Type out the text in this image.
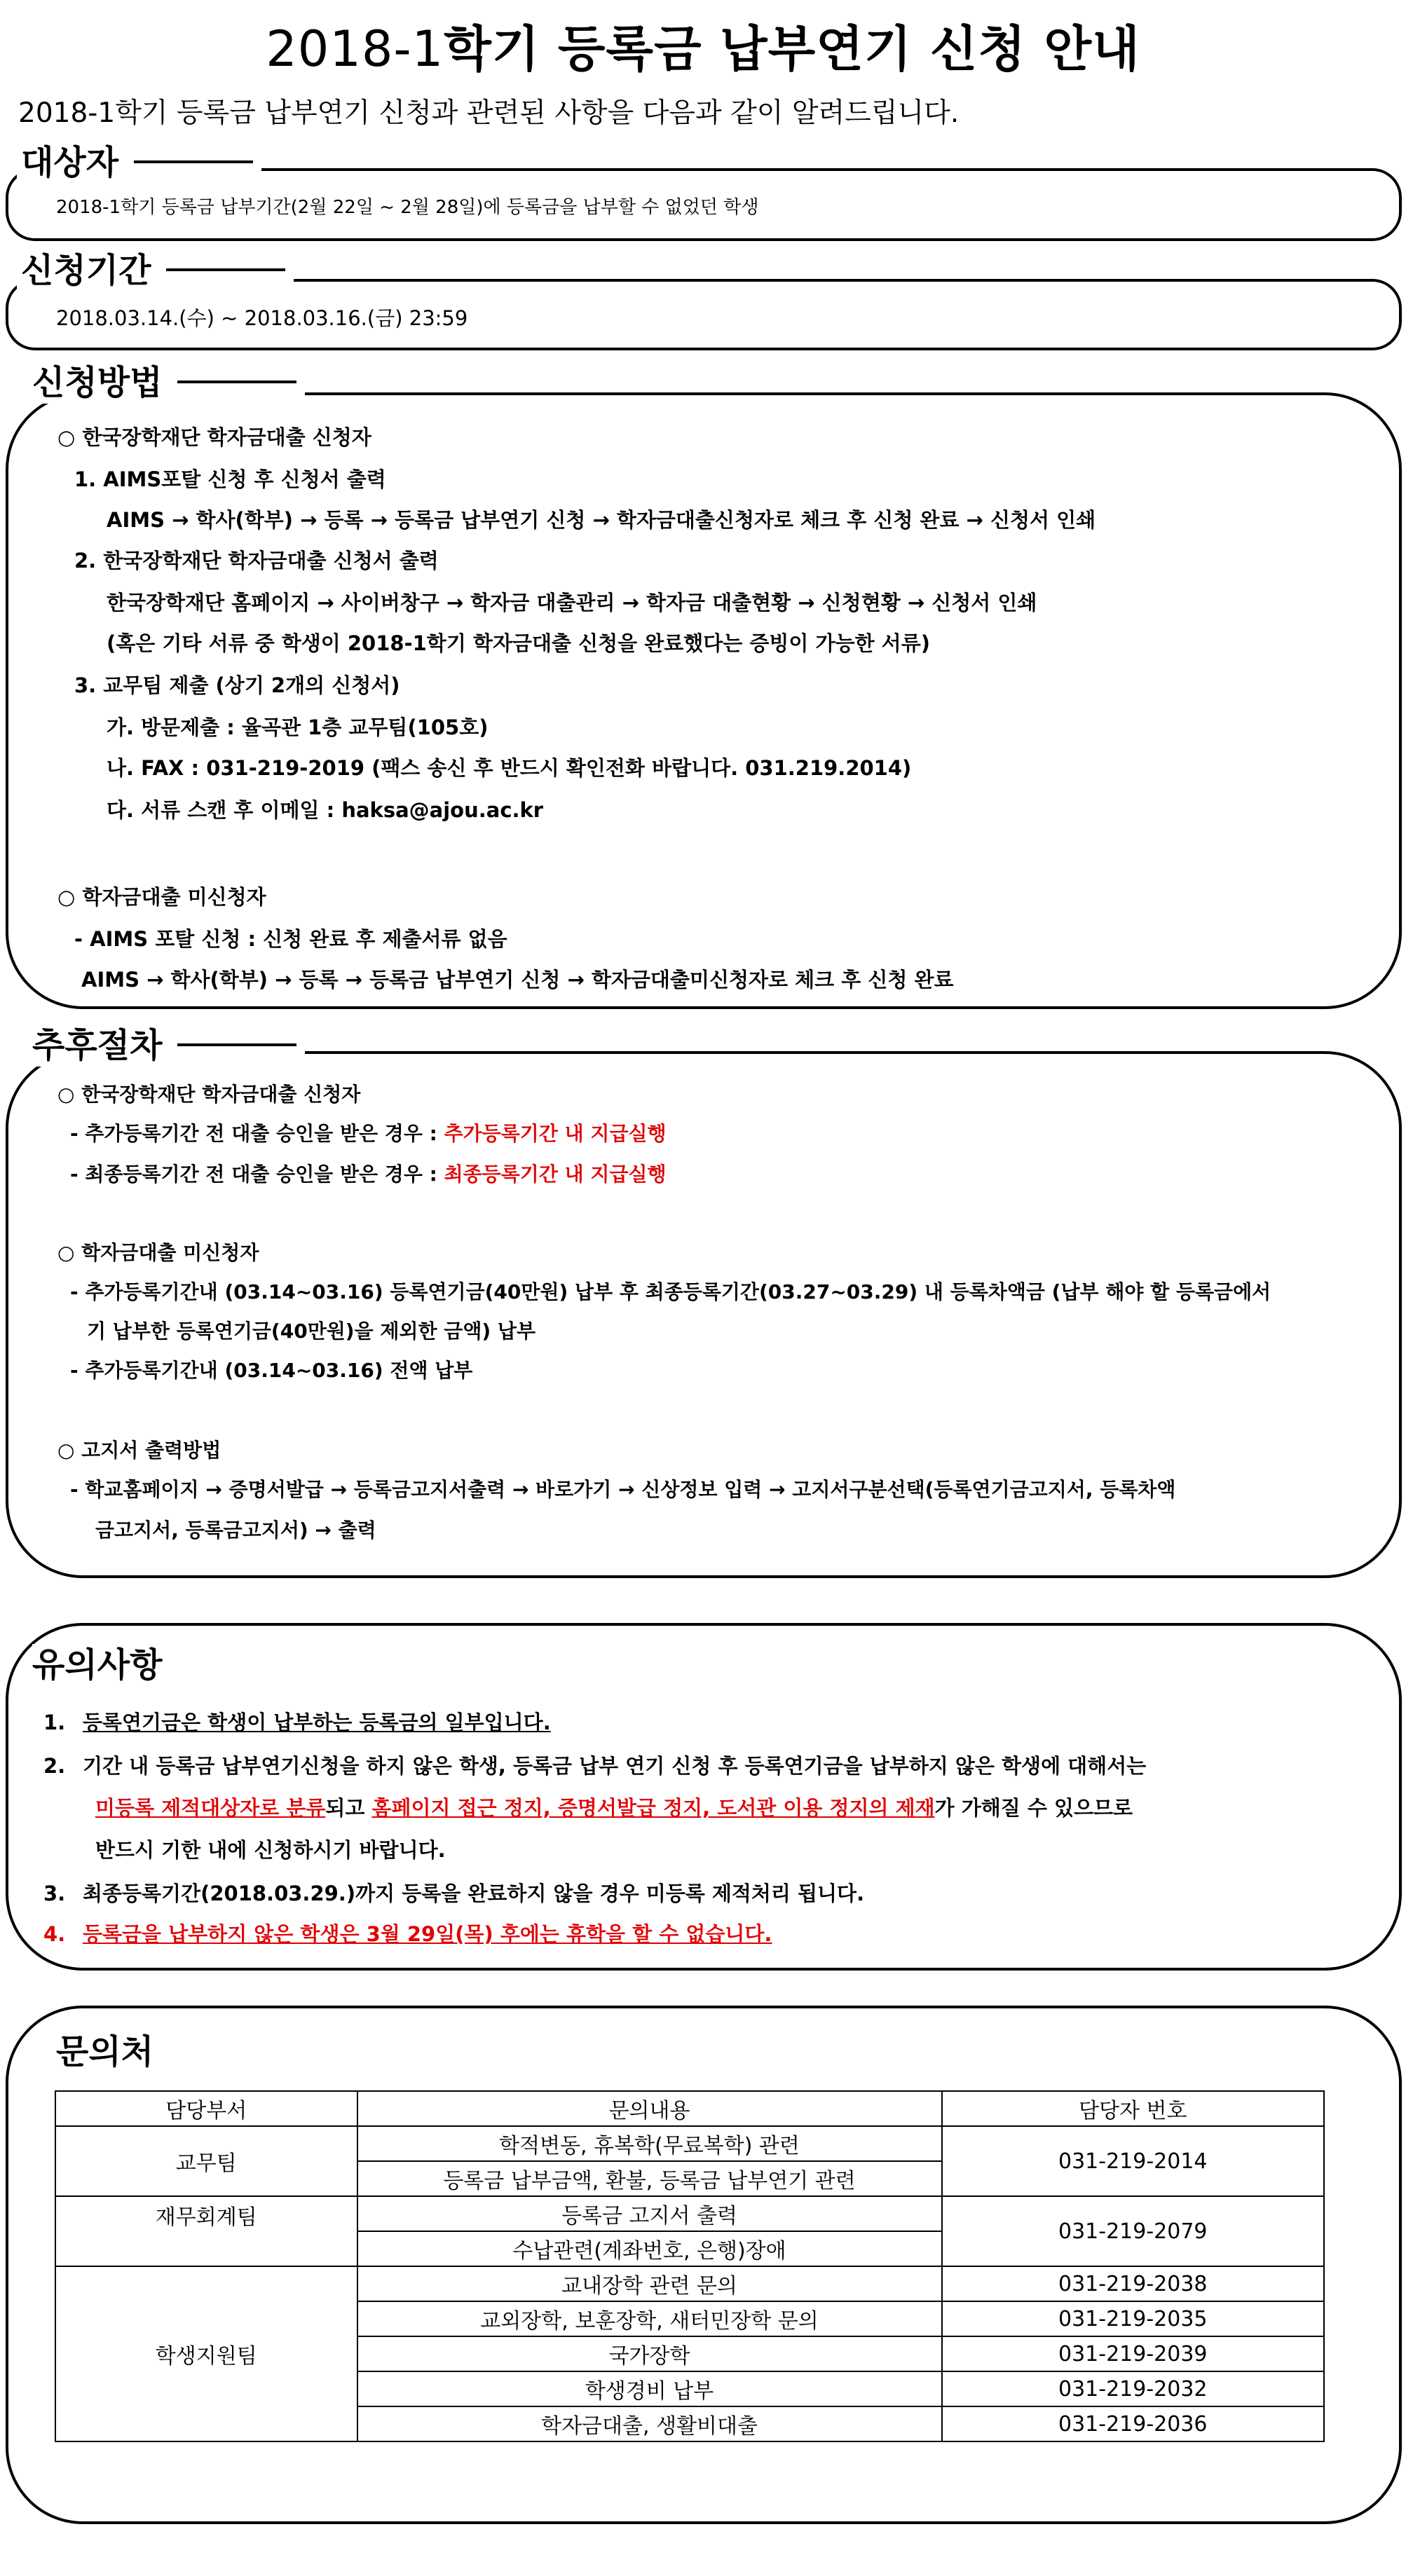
2018-1학기 등록금 납부연기 신청 안내
2018-1학기 등록금 납부연기 신청과 관련된 사항을 다음과 같이 알려드립니다.
대상자
2018-1학기 등록금 납부기간(2월 22일 ~ 2월 28일)에 등록금을 납부할 수 없었던 학생
신청기간
2018.03.14.(수) ~ 2018.03.16.(금) 23:59
신청방법
○ 한국장학재단 학자금대출 신청자
1. AIMS포탈 신청 후 신청서 출력
AIMS → 학사(학부) → 등록 → 등록금 납부연기 신청 → 학자금대출신청자로 체크 후 신청 완료 → 신청서 인쇄
2. 한국장학재단 학자금대출 신청서 출력
한국장학재단 홈페이지 → 사이버창구 → 학자금 대출관리 → 학자금 대출현황 → 신청현황 → 신청서 인쇄
(혹은 기타 서류 중 학생이 2018-1학기 학자금대출 신청을 완료했다는 증빙이 가능한 서류)
3. 교무팀 제출 (상기 2개의 신청서)
가. 방문제출 : 율곡관 1층 교무팀(105호)
나. FAX : 031-219-2019 (팩스 송신 후 반드시 확인전화 바랍니다. 031.219.2014)
다. 서류 스캔 후 이메일 : haksa@ajou.ac.kr
○ 학자금대출 미신청자
- AIMS 포탈 신청 : 신청 완료 후 제출서류 없음
AIMS → 학사(학부) → 등록 → 등록금 납부연기 신청 → 학자금대출미신청자로 체크 후 신청 완료
추후절차
○ 한국장학재단 학자금대출 신청자
- 추가등록기간 전 대출 승인을 받은 경우 : 추가등록기간 내 지급실행
- 최종등록기간 전 대출 승인을 받은 경우 : 최종등록기간 내 지급실행
○ 학자금대출 미신청자
- 추가등록기간내 (03.14~03.16) 등록연기금(40만원) 납부 후 최종등록기간(03.27~03.29) 내 등록차액금 (납부 해야 할 등록금에서
기 납부한 등록연기금(40만원)을 제외한 금액) 납부
- 추가등록기간내 (03.14~03.16) 전액 납부
○ 고지서 출력방법
- 학교홈페이지 → 증명서발급 → 등록금고지서출력 → 바로가기 → 신상정보 입력 → 고지서구분선택(등록연기금고지서, 등록차액
금고지서, 등록금고지서) → 출력
유의사항
1. 등록연기금은 학생이 납부하는 등록금의 일부입니다.
2. 기간 내 등록금 납부연기신청을 하지 않은 학생, 등록금 납부 연기 신청 후 등록연기금을 납부하지 않은 학생에 대해서는
미등록 제적대상자로 분류되고 홈페이지 접근 정지, 증명서발급 정지, 도서관 이용 정지의 제재가 가해질 수 있으므로
반드시 기한 내에 신청하시기 바랍니다.
3. 최종등록기간(2018.03.29.)까지 등록을 완료하지 않을 경우 미등록 제적처리 됩니다.
4. 등록금을 납부하지 않은 학생은 3월 29일(목) 후에는 휴학을 할 수 없습니다.
문의처
담당부서	문의내용	담당자 번호
교무팀	학적변동, 휴복학(무료복학) 관련	031-219-2014
	등록금 납부금액, 환불, 등록금 납부연기 관련	
재무회계팀	등록금 고지서 출력	031-219-2079
	수납관련(계좌번호, 은행)장애	
학생지원팀	교내장학 관련 문의	031-219-2038
	교외장학, 보훈장학, 새터민장학 문의	031-219-2035
	국가장학	031-219-2039
	학생경비 납부	031-219-2032
	학자금대출, 생활비대출	031-219-2036
